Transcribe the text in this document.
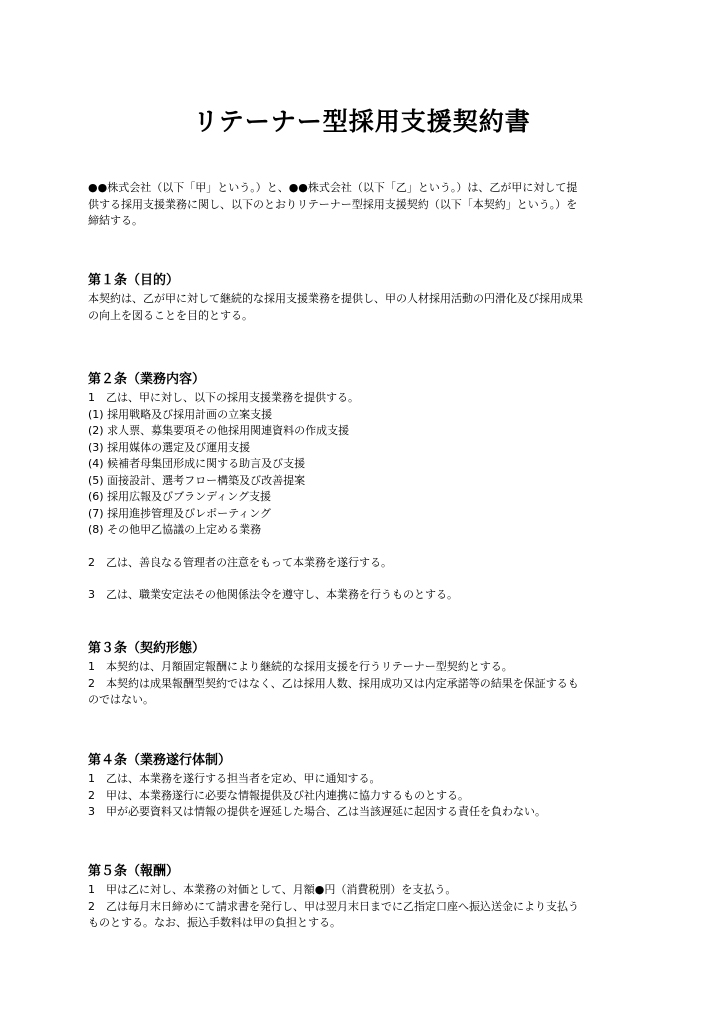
リテーナー型採用支援契約書

●●株式会社（以下「甲」という。）と、●●株式会社（以下「乙」という。）は、乙が甲に対して提

供する採用支援業務に関し、以下のとおりリテーナー型採用支援契約（以下「本契約」という。）を

締結する。

第１条（目的）

本契約は、乙が甲に対して継続的な採用支援業務を提供し、甲の人材採用活動の円滑化及び採用成果

の向上を図ることを目的とする。

第２条（業務内容）

1　乙は、甲に対し、以下の採用支援業務を提供する。

(1) 採用戦略及び採用計画の立案支援

(2) 求人票、募集要項その他採用関連資料の作成支援

(3) 採用媒体の選定及び運用支援

(4) 候補者母集団形成に関する助言及び支援

(5) 面接設計、選考フロー構築及び改善提案

(6) 採用広報及びブランディング支援

(7) 採用進捗管理及びレポーティング

(8) その他甲乙協議の上定める業務

2　乙は、善良なる管理者の注意をもって本業務を遂行する。

3　乙は、職業安定法その他関係法令を遵守し、本業務を行うものとする。

第３条（契約形態）

1　本契約は、月額固定報酬により継続的な採用支援を行うリテーナー型契約とする。

2　本契約は成果報酬型契約ではなく、乙は採用人数、採用成功又は内定承諾等の結果を保証するも

のではない。

第４条（業務遂行体制）

1　乙は、本業務を遂行する担当者を定め、甲に通知する。

2　甲は、本業務遂行に必要な情報提供及び社内連携に協力するものとする。

3　甲が必要資料又は情報の提供を遅延した場合、乙は当該遅延に起因する責任を負わない。

第５条（報酬）

1　甲は乙に対し、本業務の対価として、月額●円（消費税別）を支払う。

2　乙は毎月末日締めにて請求書を発行し、甲は翌月末日までに乙指定口座へ振込送金により支払う

ものとする。なお、振込手数料は甲の負担とする。
